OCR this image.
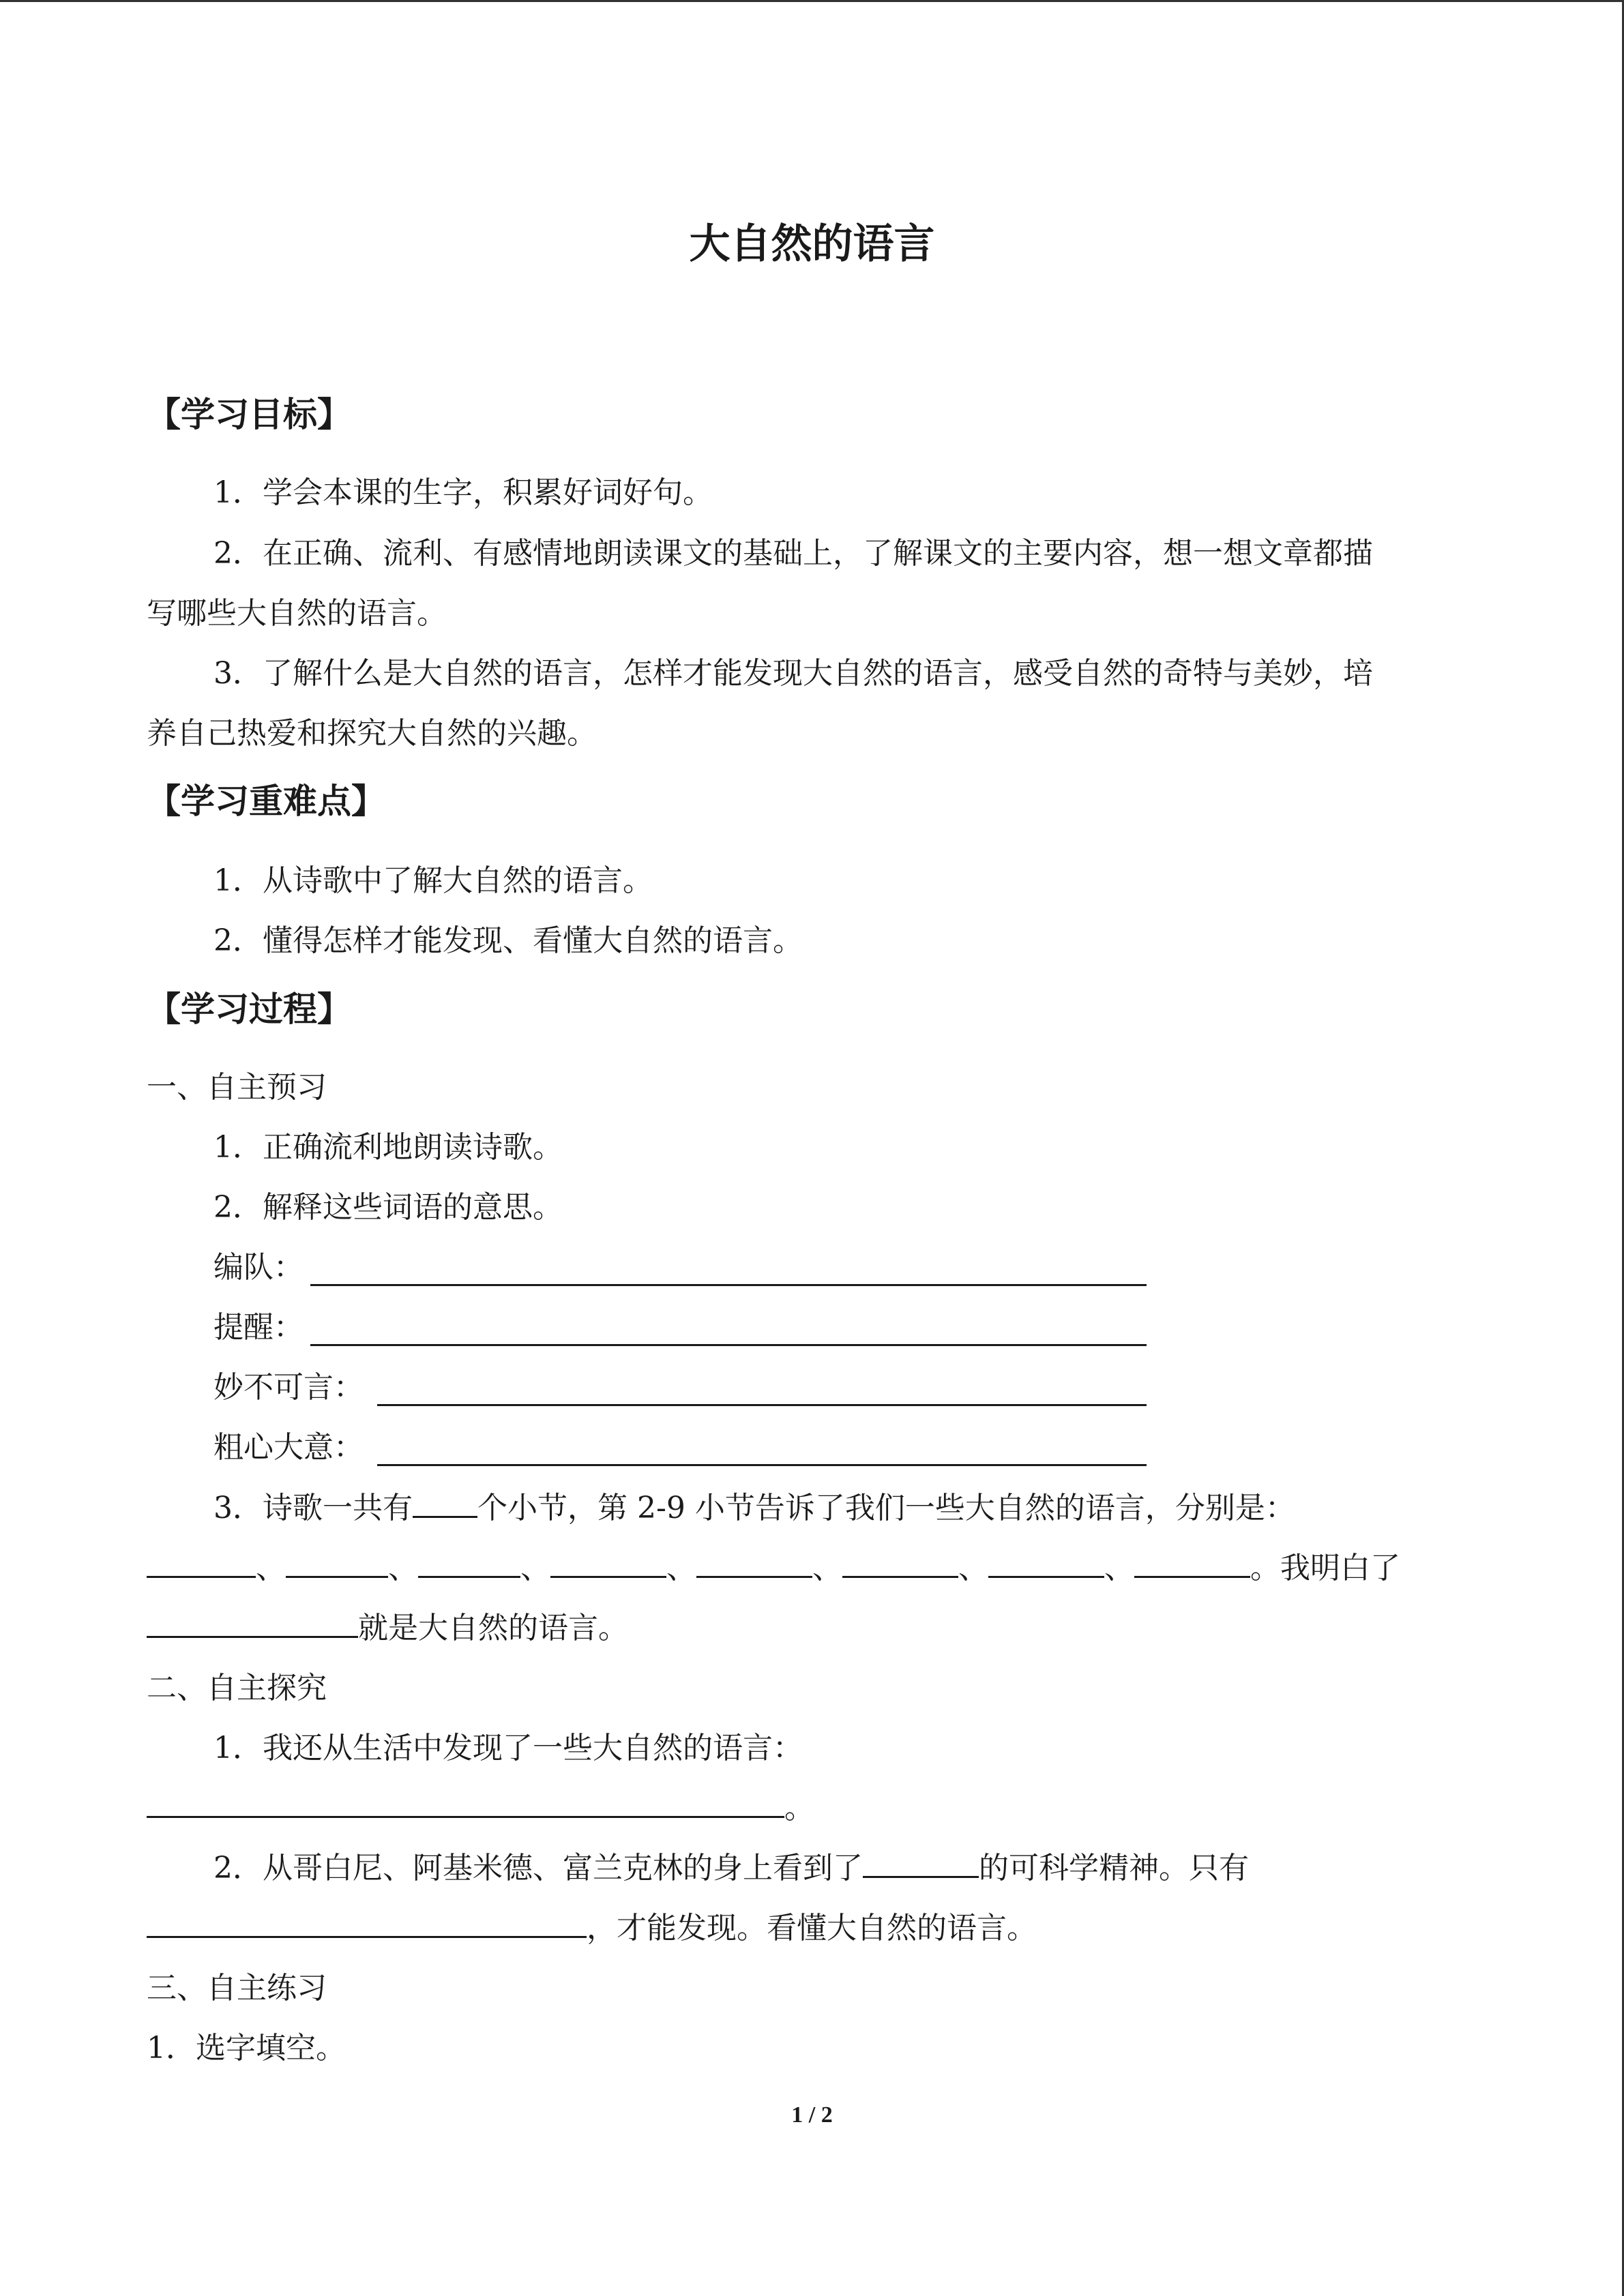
大自然的语言
【学习目标】
1．学会本课的生字，积累好词好句。
2．在正确、流利、有感情地朗读课文的基础上，了解课文的主要内容，想一想文章都描
写哪些大自然的语言。
3．了解什么是大自然的语言，怎样才能发现大自然的语言，感受自然的奇特与美妙，培
养自己热爱和探究大自然的兴趣。
【学习重难点】
1．从诗歌中了解大自然的语言。
2．懂得怎样才能发现、看懂大自然的语言。
【学习过程】
一、自主预习
1．正确流利地朗读诗歌。
2．解释这些词语的意思。
编队：
提醒：
妙不可言：
粗心大意：
3．诗歌一共有 个小节，第 2-9 小节告诉了我们一些大自然的语言，分别是：
、	、	、	、	、	、	、	。我明白了
就是大自然的语言。
二、自主探究
1．我还从生活中发现了一些大自然的语言：
。
2．从哥白尼、阿基米德、富兰克林的身上看到了	的可科学精神。只有
，才能发现。看懂大自然的语言。
三、自主练习
1．选字填空。
1 / 2
